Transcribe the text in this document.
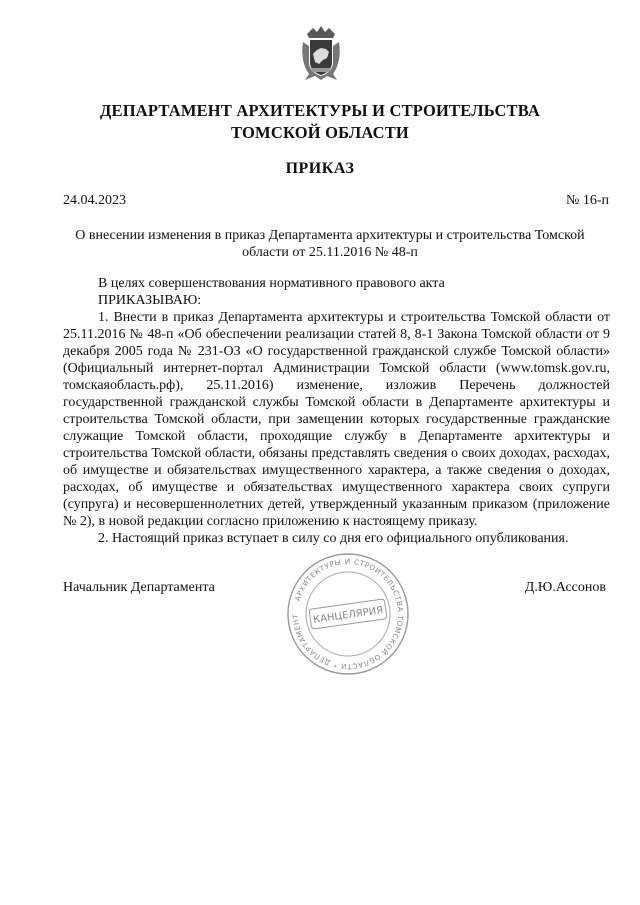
ДЕПАРТАМЕНТ АРХИТЕКТУРЫ И СТРОИТЕЛЬСТВА
ТОМСКОЙ ОБЛАСТИ
ПРИКАЗ
24.04.2023	№ 16-п
О внесении изменения в приказ Департамента архитектуры и строительства Томской
области от 25.11.2016 № 48-п

В целях совершенствования нормативного правового акта

ПРИКАЗЫВАЮ:

1. Внести в приказ Департамента архитектуры и строительства Томской области от 25.11.2016 № 48-п «Об обеспечении реализации статей 8, 8-1 Закона Томской области от 9 декабря 2005 года № 231-ОЗ «О государственной гражданской службе Томской области» (Официальный интернет-портал Администрации Томской области (www.tomsk.gov.ru, томскаяобласть.рф), 25.11.2016) изменение, изложив Перечень должностей государственной гражданской службы Томской области в Департаменте архитектуры и строительства Томской области, при замещении которых государственные гражданские служащие Томской области, проходящие службу в Департаменте архитектуры и строительства Томской области, обязаны представлять сведения о своих доходах, расходах, об имуществе и обязательствах имущественного характера, а также сведения о доходах, расходах, об имуществе и обязательствах имущественного характера своих супруги (супруга) и несовершеннолетних детей, утвержденный указанным приказом (приложение № 2), в новой редакции согласно приложению к настоящему приказу.

2. Настоящий приказ вступает в силу со дня его официального опубликования.

Начальник Департамента	Д.Ю.Ассонов
АРХИТЕКТУРЫ И СТРОИТЕЛЬСТВА ТОМСКОЙ ОБЛАСТИ * ДЕПАРТАМЕНТ	КАНЦЕЛЯРИЯ
